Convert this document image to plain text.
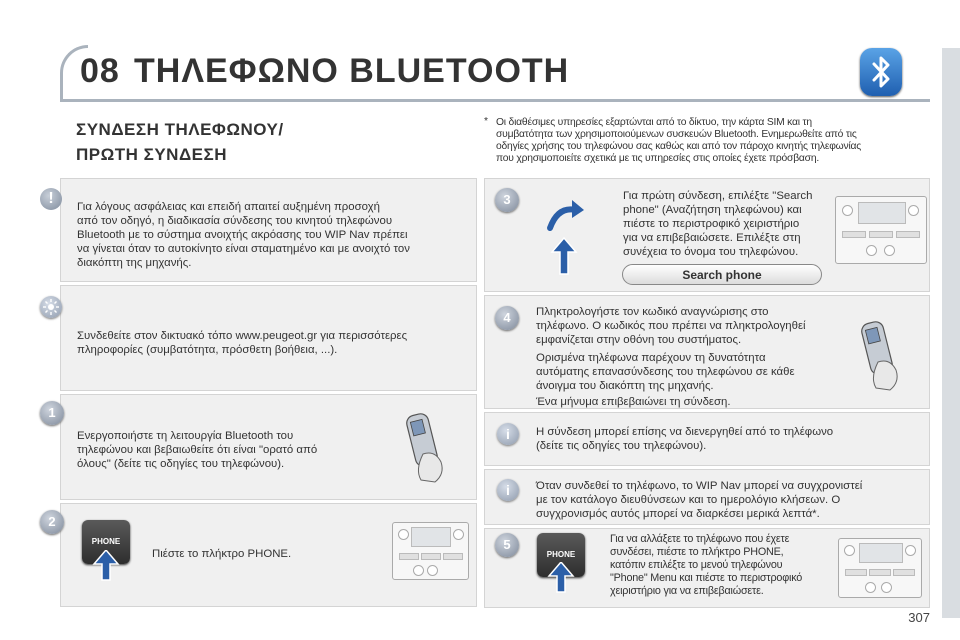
08 ΤΗΛΕΦΩΝΟ BLUETOOTH
ΣΥΝΔΕΣΗ ΤΗΛΕΦΩΝΟΥ/
ΠΡΩΤΗ ΣΥΝΔΕΣΗ
* Οι διαθέσιμες υπηρεσίες εξαρτώνται από το δίκτυο, την κάρτα SIM και τη
συμβατότητα των χρησιμοποιούμενων συσκευών Bluetooth. Ενημερωθείτε από τις
οδηγίες χρήσης του τηλεφώνου σας καθώς και από τον πάροχο κινητής τηλεφωνίας
που χρησιμοποιείτε σχετικά με τις υπηρεσίες στις οποίες έχετε πρόσβαση.
!	Για λόγους ασφάλειας και επειδή απαιτεί αυξημένη προσοχή
από τον οδηγό, η διαδικασία σύνδεσης του κινητού τηλεφώνου
Bluetooth με το σύστημα ανοιχτής ακρόασης του WIP Nav πρέπει
να γίνεται όταν το αυτοκίνητο είναι σταματημένο και με ανοιχτό τον
διακόπτη της μηχανής.
Συνδεθείτε στον δικτυακό τόπο www.peugeot.gr για περισσότερες
πληροφορίες (συμβατότητα, πρόσθετη βοήθεια, ...).
1
Ενεργοποιήστε τη λειτουργία Bluetooth του
τηλεφώνου και βεβαιωθείτε ότι είναι "ορατό από
όλους" (δείτε τις οδηγίες του τηλεφώνου).
2
PHONE
Πιέστε το πλήκτρο PHONE.
3	Για πρώτη σύνδεση, επιλέξτε "Search
phone" (Αναζήτηση τηλεφώνου) και
πιέστε το περιστροφικό χειριστήριο
για να επιβεβαιώσετε. Επιλέξτε στη
συνέχεια το όνομα του τηλεφώνου.
Search phone
4	Πληκτρολογήστε τον κωδικό αναγνώρισης στο
τηλέφωνο. Ο κωδικός που πρέπει να πληκτρολογηθεί
εμφανίζεται στην οθόνη του συστήματος.
Ορισμένα τηλέφωνα παρέχουν τη δυνατότητα
αυτόματης επανασύνδεσης του τηλεφώνου σε κάθε
άνοιγμα του διακόπτη της μηχανής.
Ένα μήνυμα επιβεβαιώνει τη σύνδεση.
i	Η σύνδεση μπορεί επίσης να διενεργηθεί από το τηλέφωνο
(δείτε τις οδηγίες του τηλεφώνου).
i	Όταν συνδεθεί το τηλέφωνο, το WIP Nav μπορεί να συγχρονιστεί
με τον κατάλογο διευθύνσεων και το ημερολόγιο κλήσεων. Ο
συγχρονισμός αυτός μπορεί να διαρκέσει μερικά λεπτά*.
5
PHONE
Για να αλλάξετε το τηλέφωνο που έχετε
συνδέσει, πιέστε το πλήκτρο PHONE,
κατόπιν επιλέξτε το μενού τηλεφώνου
"Phone" Menu και πιέστε το περιστροφικό
χειριστήριο για να επιβεβαιώσετε.
307
